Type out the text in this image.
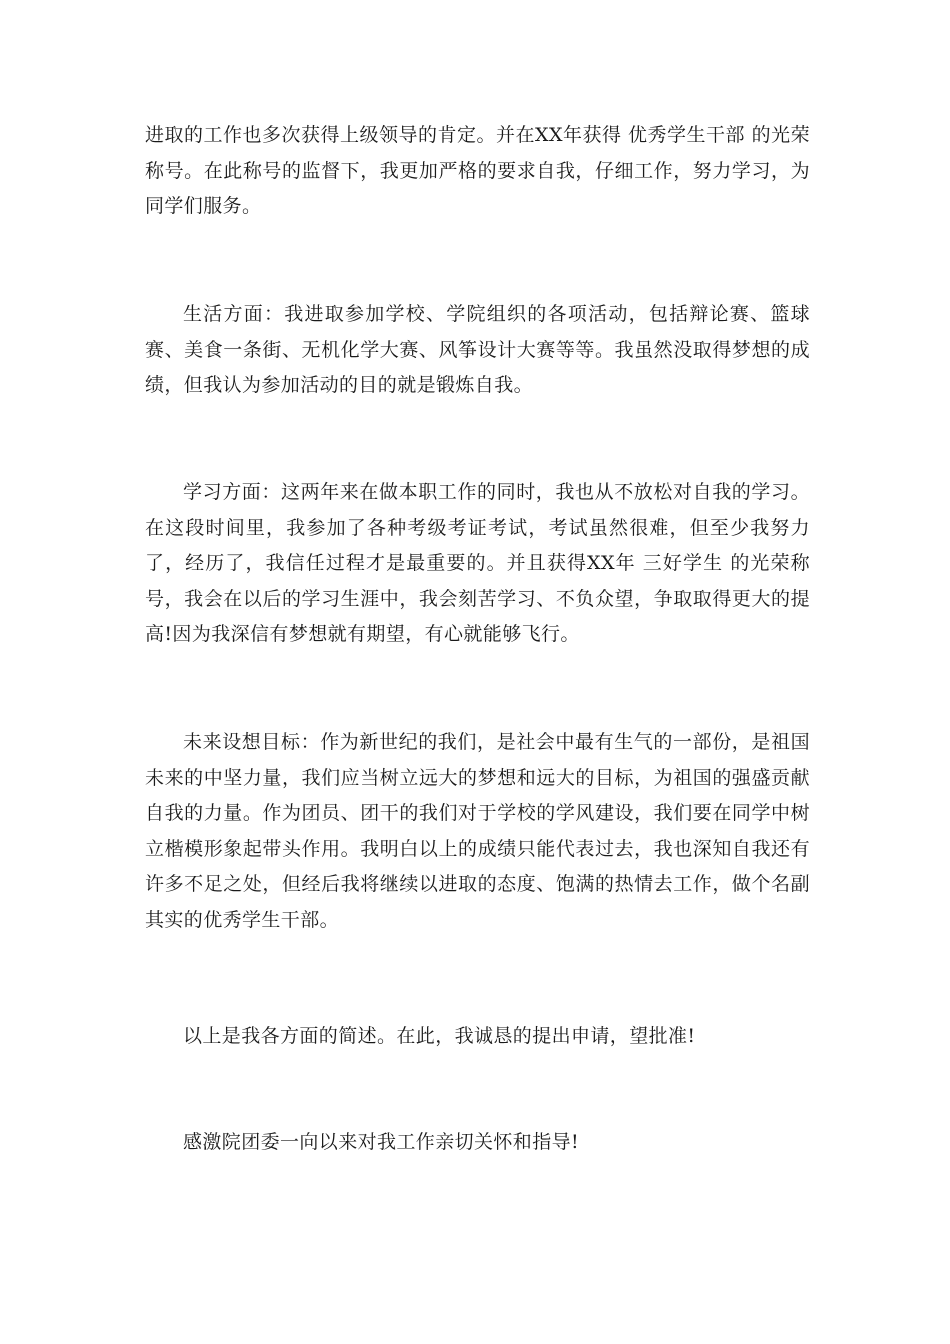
进取的工作也多次获得上级领导的肯定。并在XX年获得 优秀学生干部 的光荣称号。在此称号的监督下，我更加严格的要求自我，仔细工作，努力学习，为同学们服务。

生活方面：我进取参加学校、学院组织的各项活动，包括辩论赛、篮球赛、美食一条街、无机化学大赛、风筝设计大赛等等。我虽然没取得梦想的成绩，但我认为参加活动的目的就是锻炼自我。

学习方面：这两年来在做本职工作的同时，我也从不放松对自我的学习。在这段时间里，我参加了各种考级考证考试，考试虽然很难，但至少我努力了，经历了，我信任过程才是最重要的。并且获得XX年 三好学生 的光荣称号，我会在以后的学习生涯中，我会刻苦学习、不负众望，争取取得更大的提高!因为我深信有梦想就有期望，有心就能够飞行。

未来设想目标：作为新世纪的我们，是社会中最有生气的一部份，是祖国未来的中坚力量，我们应当树立远大的梦想和远大的目标，为祖国的强盛贡献自我的力量。作为团员、团干的我们对于学校的学风建设，我们要在同学中树立楷模形象起带头作用。我明白以上的成绩只能代表过去，我也深知自我还有许多不足之处，但经后我将继续以进取的态度、饱满的热情去工作，做个名副其实的优秀学生干部。

以上是我各方面的简述。在此，我诚恳的提出申请，望批准!

感激院团委一向以来对我工作亲切关怀和指导!
